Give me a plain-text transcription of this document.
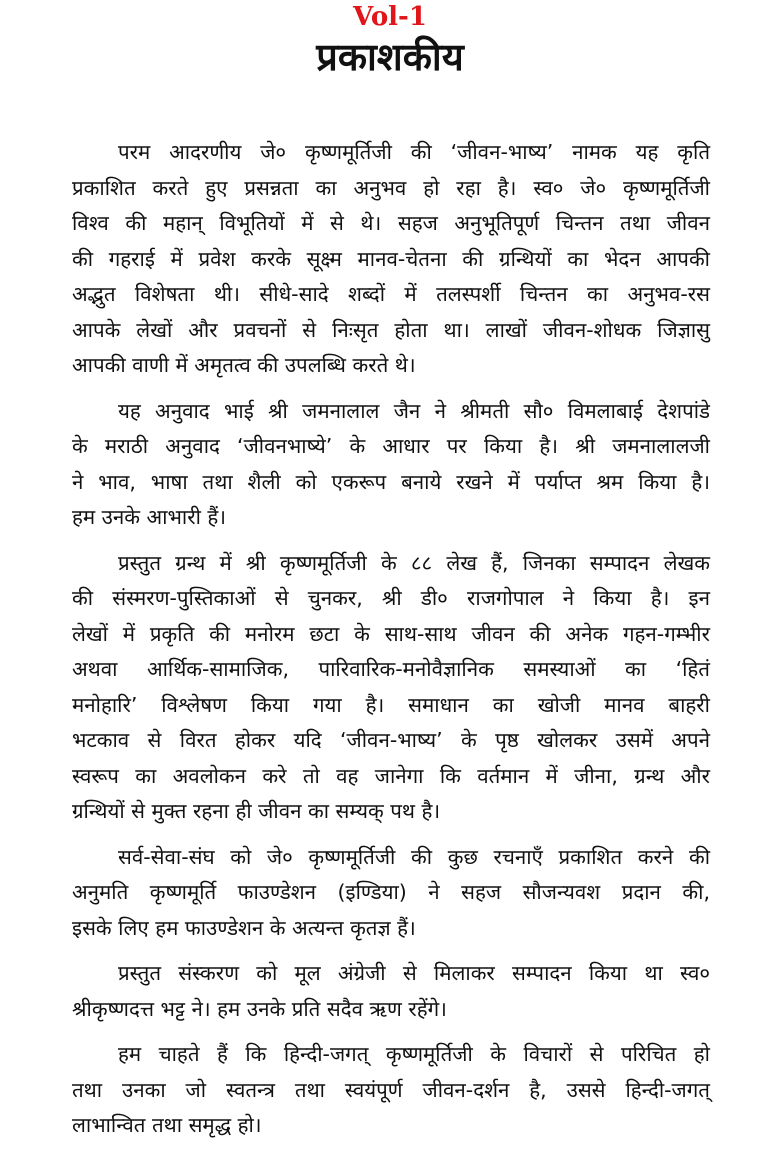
Vol-1
प्रकाशकीय
परम आदरणीय जे० कृष्णमूर्तिजी की ‘जीवन-भाष्य’ नामक यह कृति
प्रकाशित करते हुए प्रसन्नता का अनुभव हो रहा है। स्व० जे० कृष्णमूर्तिजी
विश्व की महान् विभूतियों में से थे। सहज अनुभूतिपूर्ण चिन्तन तथा जीवन
की गहराई में प्रवेश करके सूक्ष्म मानव-चेतना की ग्रन्थियों का भेदन आपकी
अद्भुत विशेषता थी। सीधे-सादे शब्दों में तलस्पर्शी चिन्तन का अनुभव-रस
आपके लेखों और प्रवचनों से निःसृत होता था। लाखों जीवन-शोधक जिज्ञासु
आपकी वाणी में अमृतत्व की उपलब्धि करते थे।
यह अनुवाद भाई श्री जमनालाल जैन ने श्रीमती सौ० विमलाबाई देशपांडे
के मराठी अनुवाद ‘जीवनभाष्ये’ के आधार पर किया है। श्री जमनालालजी
ने भाव, भाषा तथा शैली को एकरूप बनाये रखने में पर्याप्त श्रम किया है।
हम उनके आभारी हैं।
प्रस्तुत ग्रन्थ में श्री कृष्णमूर्तिजी के ८८ लेख हैं, जिनका सम्पादन लेखक
की संस्मरण-पुस्तिकाओं से चुनकर, श्री डी० राजगोपाल ने किया है। इन
लेखों में प्रकृति की मनोरम छटा के साथ-साथ जीवन की अनेक गहन-गम्भीर
अथवा आर्थिक-सामाजिक, पारिवारिक-मनोवैज्ञानिक समस्याओं का ‘हितं
मनोहारि’ विश्लेषण किया गया है। समाधान का खोजी मानव बाहरी
भटकाव से विरत होकर यदि ‘जीवन-भाष्य’ के पृष्ठ खोलकर उसमें अपने
स्वरूप का अवलोकन करे तो वह जानेगा कि वर्तमान में जीना, ग्रन्थ और
ग्रन्थियों से मुक्त रहना ही जीवन का सम्यक् पथ है।
सर्व-सेवा-संघ को जे० कृष्णमूर्तिजी की कुछ रचनाएँ प्रकाशित करने की
अनुमति कृष्णमूर्ति फाउण्डेशन (इण्डिया) ने सहज सौजन्यवश प्रदान की,
इसके लिए हम फाउण्डेशन के अत्यन्त कृतज्ञ हैं।
प्रस्तुत संस्करण को मूल अंग्रेजी से मिलाकर सम्पादन किया था स्व०
श्रीकृष्णदत्त भट्ट ने। हम उनके प्रति सदैव ऋण रहेंगे।
हम चाहते हैं कि हिन्दी-जगत् कृष्णमूर्तिजी के विचारों से परिचित हो
तथा उनका जो स्वतन्त्र तथा स्वयंपूर्ण जीवन-दर्शन है, उससे हिन्दी-जगत्
लाभान्वित तथा समृद्ध हो।
